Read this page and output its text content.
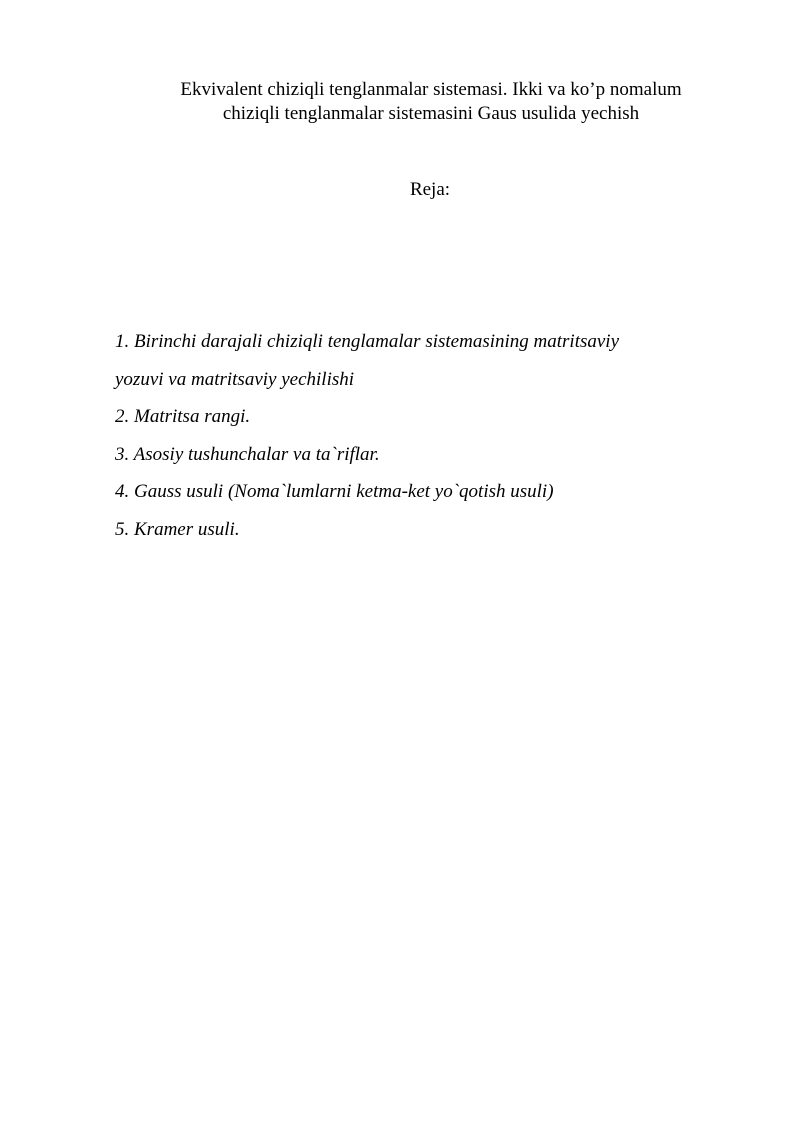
Ekvivalent chiziqli tenglanmalar sistemasi. Ikki va ko’p nomalum
chiziqli tenglanmalar sistemasini Gaus usulida yechish
Reja:
1. Birinchi darajali chiziqli tenglamalar sistemasining matritsaviy
yozuvi va matritsaviy yechilishi
2. Matritsa rangi.
3. Asosiy tushunchalar va ta`riflar.
4. Gauss usuli (Noma`lumlarni ketma-ket yo`qotish usuli)
5. Kramer usuli.
